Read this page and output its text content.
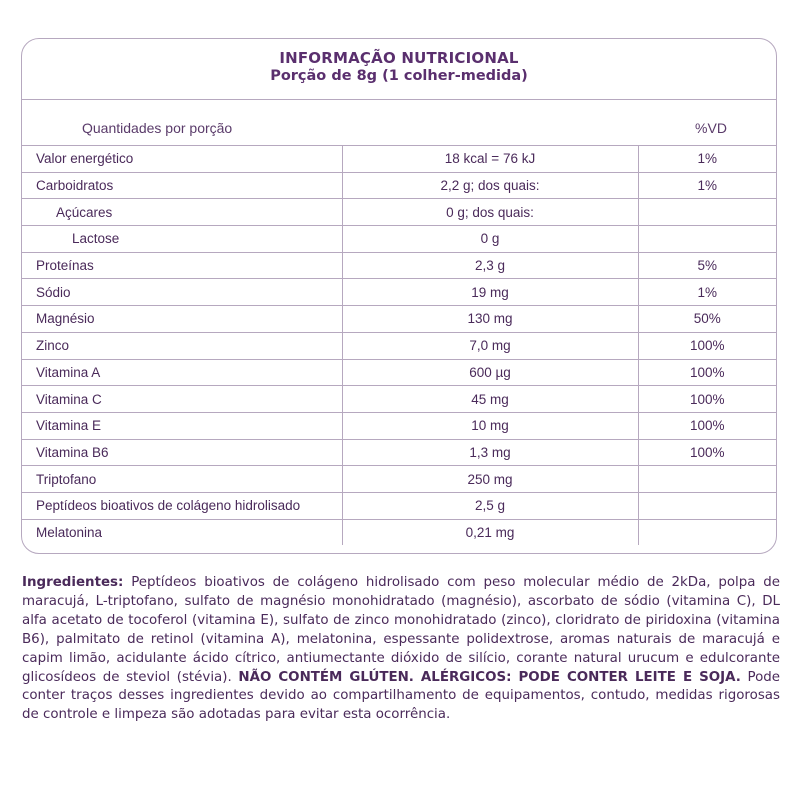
INFORMAÇÃO NUTRICIONAL
Porção de 8g (1 colher-medida)
Quantidades por porção	%VD
Valor energético	18 kcal = 76 kJ	1%
Carboidratos	2,2 g; dos quais:	1%
Açúcares	0 g; dos quais:	
Lactose	0 g	
Proteínas	2,3 g	5%
Sódio	19 mg	1%
Magnésio	130 mg	50%
Zinco	7,0 mg	100%
Vitamina A	600 µg	100%
Vitamina C	45 mg	100%
Vitamina E	10 mg	100%
Vitamina B6	1,3 mg	100%
Triptofano	250 mg	
Peptídeos bioativos de colágeno hidrolisado	2,5 g	
Melatonina	0,21 mg	
Ingredientes: Peptídeos bioativos de colágeno hidrolisado com peso molecular médio de 2kDa, polpa de maracujá, L-triptofano, sulfato de magnésio monohidratado (magnésio), ascorbato de sódio (vitamina C), DL alfa acetato de tocoferol (vitamina E), sulfato de zinco monohidratado (zinco), cloridrato de piridoxina (vitamina B6), palmitato de retinol (vitamina A), melatonina, espessante polidextrose, aromas naturais de maracujá e capim limão, acidulante ácido cítrico, antiumectante dióxido de silício, corante natural urucum e edulcorante glicosídeos de steviol (stévia). NÃO CONTÉM GLÚTEN. ALÉRGICOS: PODE CONTER LEITE E SOJA. Pode conter traços desses ingredientes devido ao compartilhamento de equipamentos, contudo, medidas rigorosas de controle e limpeza são adotadas para evitar esta ocorrência.
